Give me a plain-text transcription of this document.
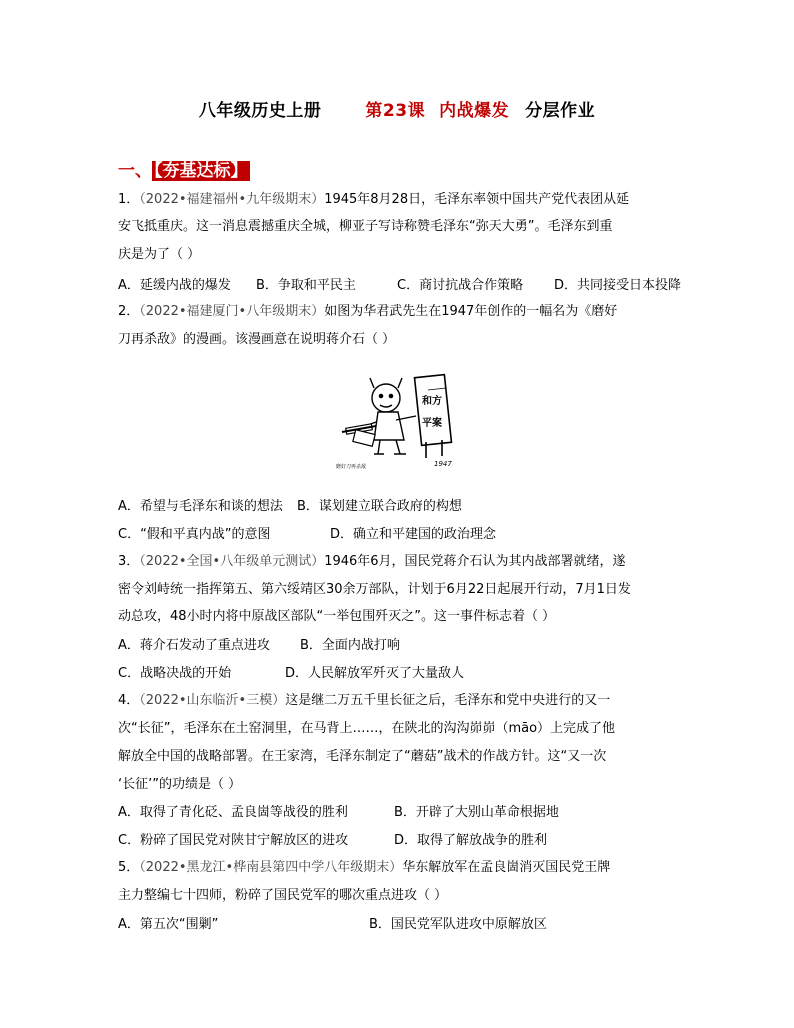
八年级历史上册	第23课 内战爆发 分层作业
一、 【夯基达标】
1．（2022•福建福州•九年级期末）1945年8月28日，毛泽东率领中国共产党代表团从延
安飞抵重庆。这一消息震撼重庆全城，柳亚子写诗称赞毛泽东“弥天大勇”。毛泽东到重
庆是为了（ ）
A．延缓内战的爆发 B．争取和平民主	C．商讨抗战合作策略 D．共同接受日本投降
2．（2022•福建厦门•八年级期末）如图为华君武先生在1947年创作的一幅名为《磨好
刀再杀敌》的漫画。该漫画意在说明蒋介石（ ）
和方
平案
1947
磨好刀再杀敌
A．希望与毛泽东和谈的想法 B．谋划建立联合政府的构想
C．“假和平真内战”的意图	D．确立和平建国的政治理念
3．（2022•全国•八年级单元测试）1946年6月，国民党蒋介石认为其内战部署就绪，遂
密令刘峙统一指挥第五、第六绥靖区30余万部队，计划于6月22日起展开行动，7月1日发
动总攻，48小时内将中原战区部队“一举包围歼灭之”。这一事件标志着（ ）
A．蒋介石发动了重点进攻 B．全面内战打响
C．战略决战的开始	D．人民解放军歼灭了大量敌人
4．（2022•山东临沂•三模）这是继二万五千里长征之后，毛泽东和党中央进行的又一
次“长征”，毛泽东在土窑洞里，在马背上……，在陕北的沟沟峁峁（māo）上完成了他
解放全中国的战略部署。在王家湾，毛泽东制定了“蘑菇”战术的作战方针。这“又一次
‘长征’”的功绩是（ ）
A．取得了青化砭、孟良崮等战役的胜利	B．开辟了大别山革命根据地
C．粉碎了国民党对陕甘宁解放区的进攻	D．取得了解放战争的胜利
5．（2022•黑龙江•桦南县第四中学八年级期末）华东解放军在孟良崮消灭国民党王牌
主力整编七十四师，粉碎了国民党军的哪次重点进攻（ ）
A．第五次“围剿”	B．国民党军队进攻中原解放区
